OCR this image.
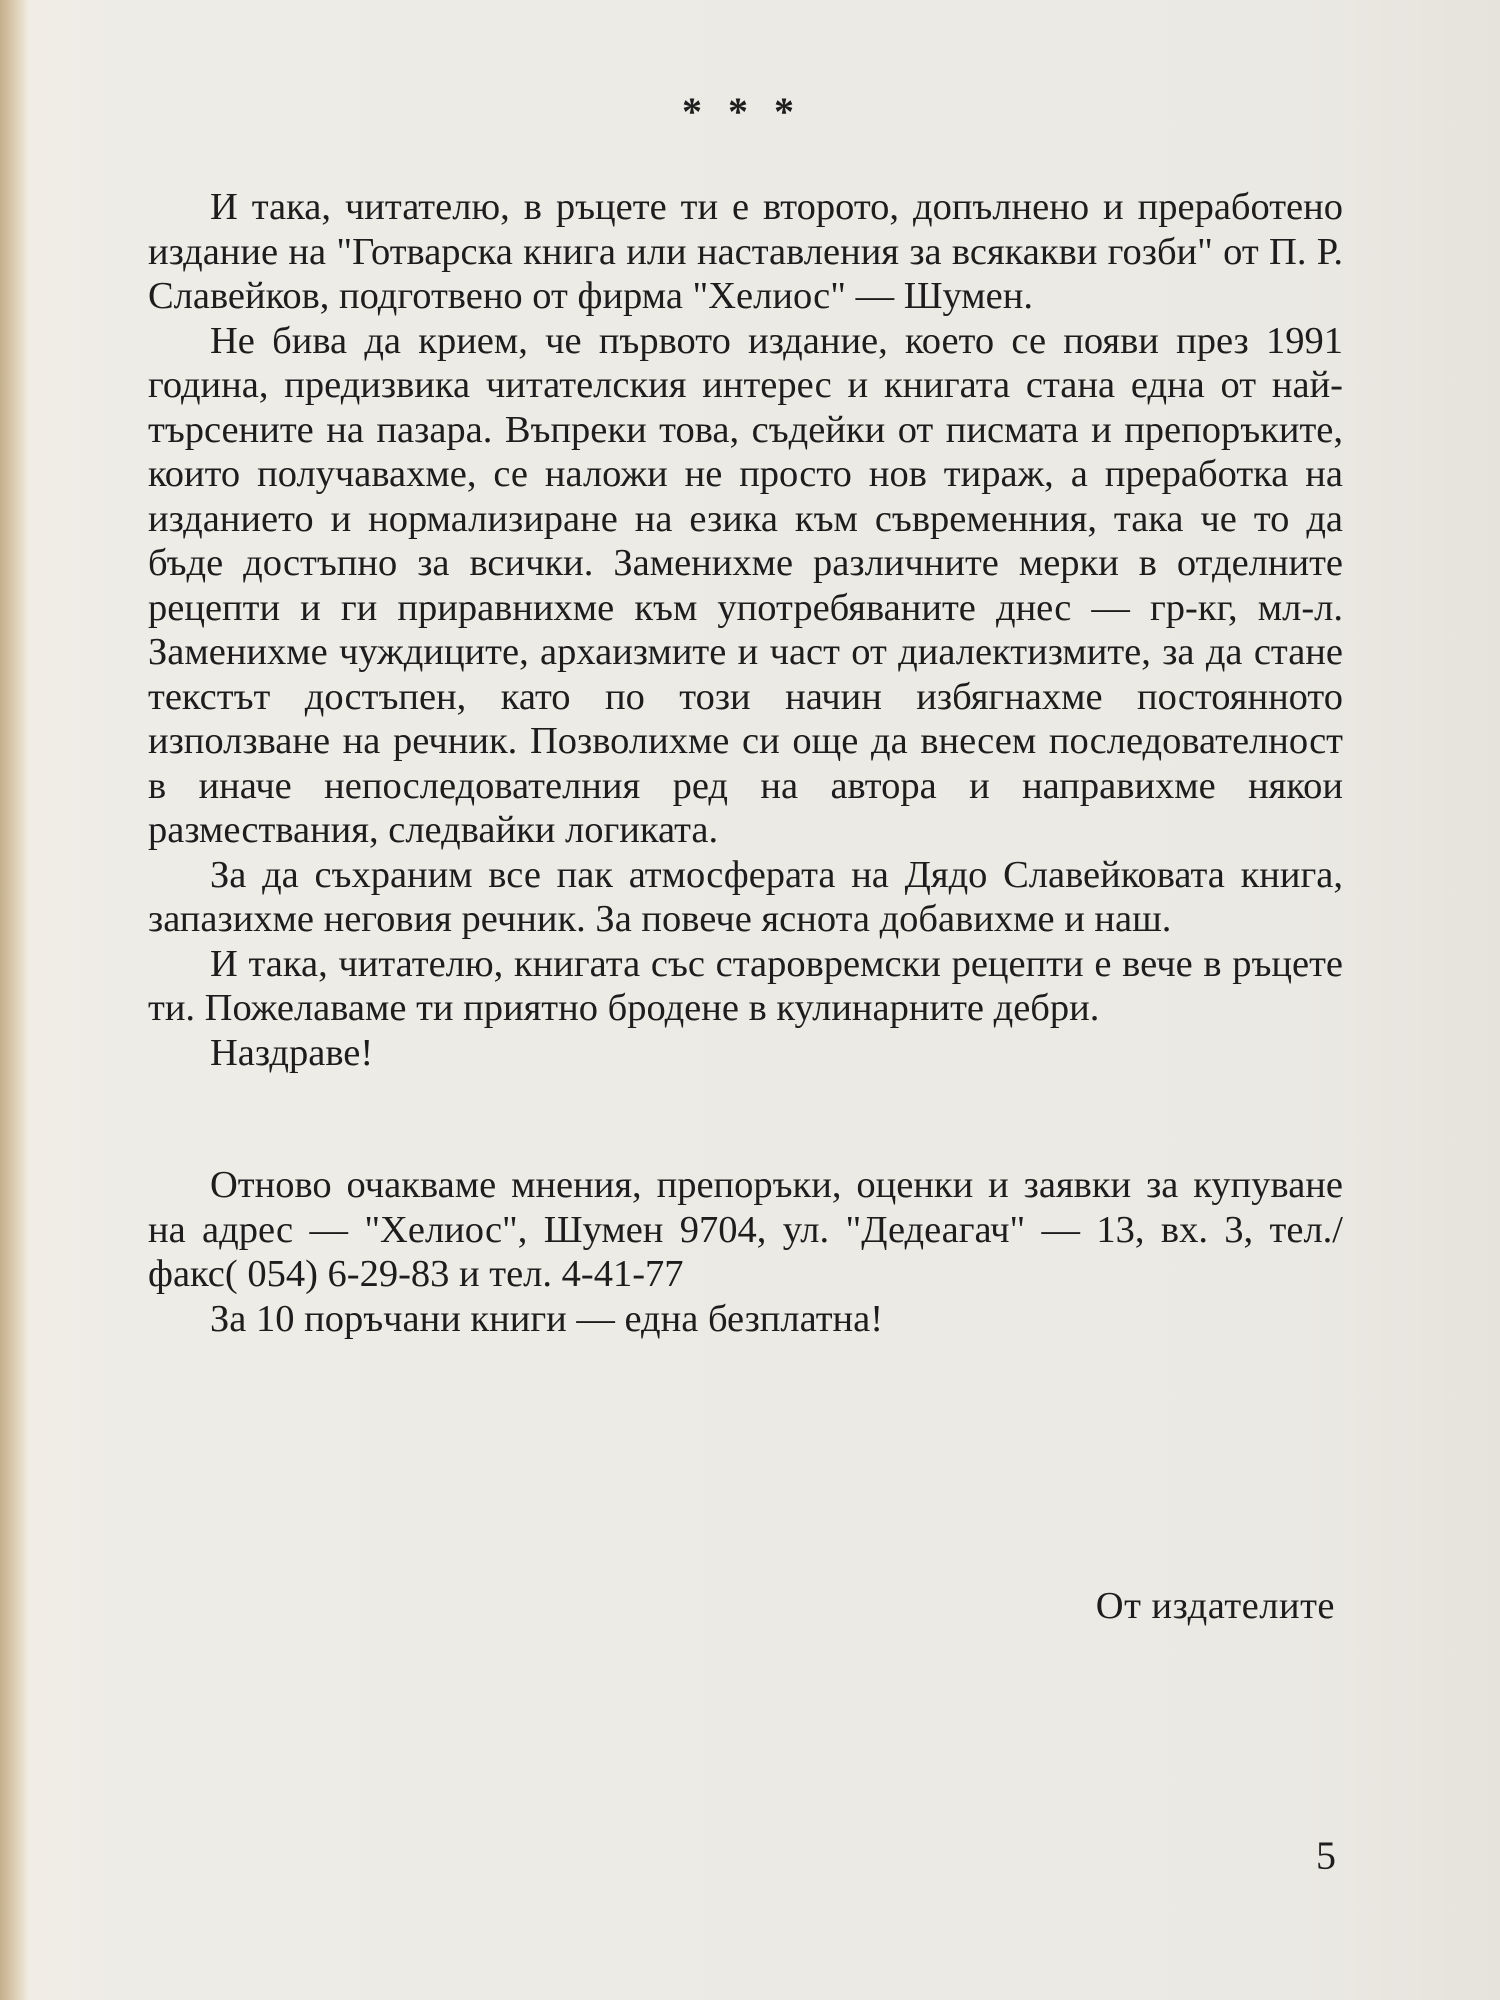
* * *

И така, читателю, в ръцете ти е второто, допълнено и преработено издание на "Готварска книга или наставления за всякакви гозби" от П. Р. Славейков, подготвено от фирма "Хелиос" — Шумен.

Не бива да крием, че първото издание, което се появи през 1991 година, предизвика читателския интерес и книгата стана една от най-търсените на пазара. Въпреки това, съдейки от писмата и препоръките, които получавахме, се наложи не просто нов тираж, а преработка на изданието и нормализиране на езика към съвременния, така че то да бъде достъпно за всички. Заменихме различните мерки в отделните рецепти и ги приравнихме към употребяваните днес — гр-кг, мл-л. Заменихме чуждиците, архаизмите и част от диалектизмите, за да стане текстът достъпен, като по този начин избягнахме постоянното използване на речник. Позволихме си още да внесем последователност в иначе непоследователния ред на автора и направихме някои размествания, следвайки логиката.

За да съхраним все пак атмосферата на Дядо Славейковата книга, запазихме неговия речник. За повече яснота добавихме и наш.

И така, читателю, книгата със старовремски рецепти е вече в ръцете ти. Пожелаваме ти приятно бродене в кулинарните дебри.

Наздраве!

Отново очакваме мнения, препоръки, оценки и заявки за купуване на адрес — "Хелиос", Шумен 9704, ул. "Дедеагач" — 13, вх. 3, тел./факс( 054) 6-29-83 и тел. 4-41-77

За 10 поръчани книги — една безплатна!

От издателите
5
